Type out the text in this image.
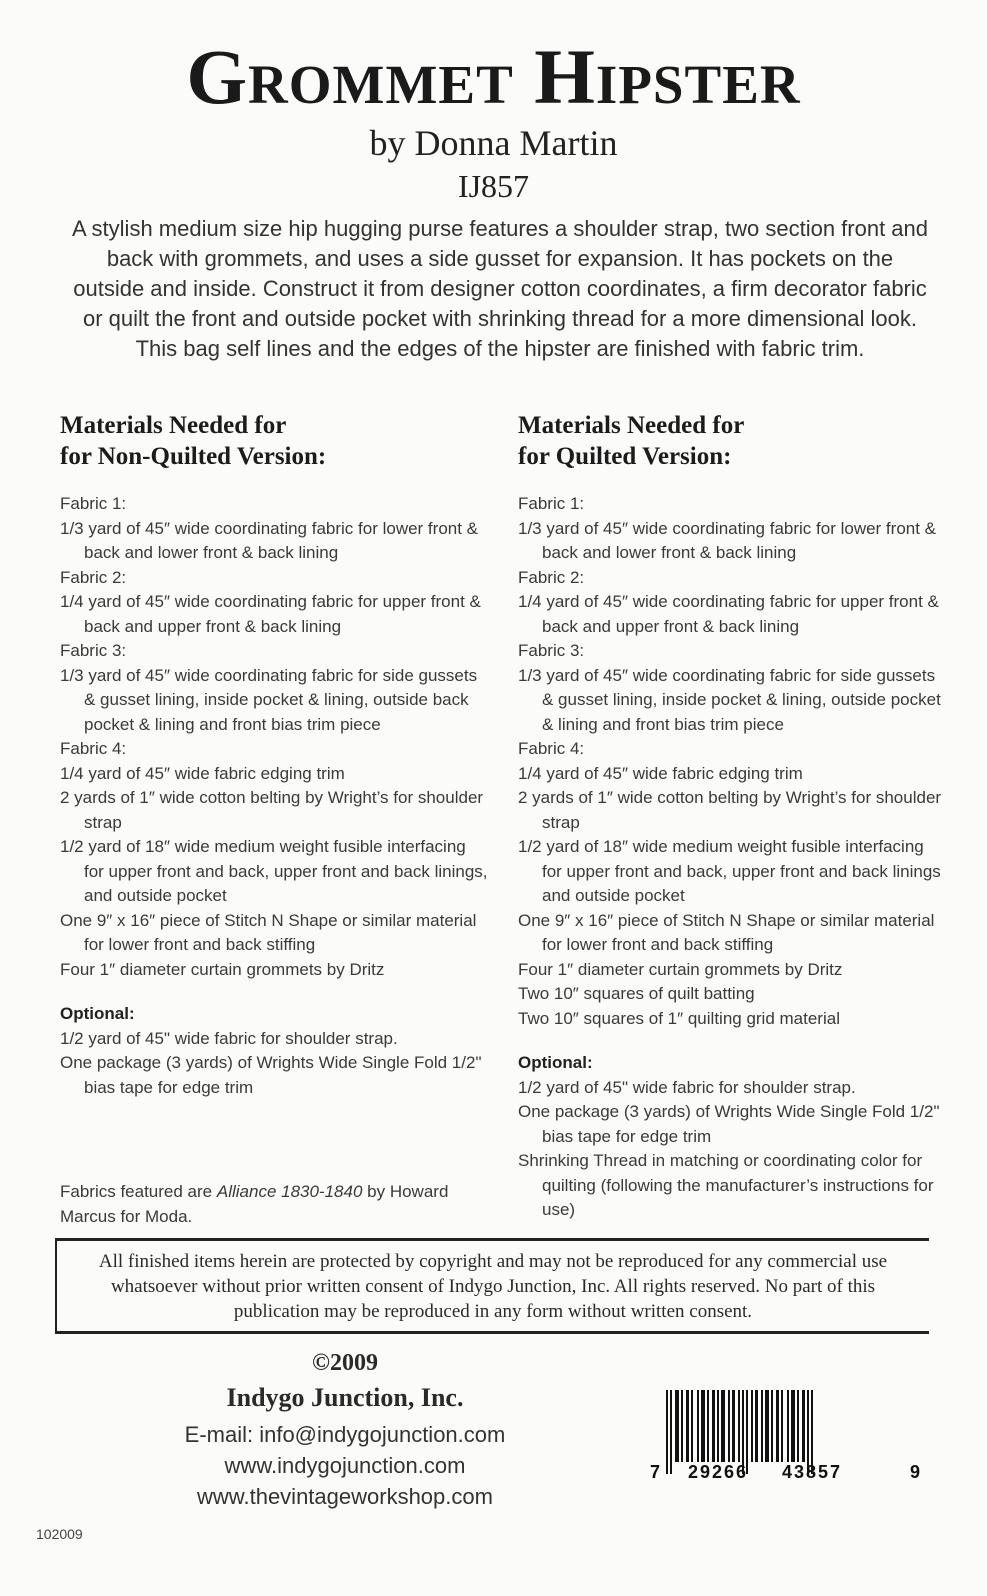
Grommet Hipster
by Donna Martin
IJ857
A stylish medium size hip hugging purse features a shoulder strap, two section front and back with grommets, and uses a side gusset for expansion. It has pockets on the outside and inside. Construct it from designer cotton coordinates, a firm decorator fabric or quilt the front and outside pocket with shrinking thread for a more dimensional look. This bag self lines and the edges of the hipster are finished with fabric trim.
Materials Needed for
for Non-Quilted Version:
Fabric 1:
1/3 yard of 45″ wide coordinating fabric for lower front & back and lower front & back lining
Fabric 2:
1/4 yard of 45″ wide coordinating fabric for upper front & back and upper front & back lining
Fabric 3:
1/3 yard of 45″ wide coordinating fabric for side gussets & gusset lining, inside pocket & lining, outside back pocket & lining and front bias trim piece
Fabric 4:
1/4 yard of 45″ wide fabric edging trim
2 yards of 1″ wide cotton belting by Wright’s for shoulder strap
1/2 yard of 18″ wide medium weight fusible interfacing for upper front and back, upper front and back linings, and outside pocket
One 9″ x 16″ piece of Stitch N Shape or similar material for lower front and back stiffing
Four 1″ diameter curtain grommets by Dritz
Optional:
1/2 yard of 45" wide fabric for shoulder strap.
One package (3 yards) of Wrights Wide Single Fold 1/2" bias tape for edge trim
Materials Needed for
for Quilted Version:
Fabric 1:
1/3 yard of 45″ wide coordinating fabric for lower front & back and lower front & back lining
Fabric 2:
1/4 yard of 45″ wide coordinating fabric for upper front & back and upper front & back lining
Fabric 3:
1/3 yard of 45″ wide coordinating fabric for side gussets & gusset lining, inside pocket & lining, outside pocket & lining and front bias trim piece
Fabric 4:
1/4 yard of 45″ wide fabric edging trim
2 yards of 1″ wide cotton belting by Wright’s for shoulder strap
1/2 yard of 18″ wide medium weight fusible interfacing for upper front and back, upper front and back linings and outside pocket
One 9″ x 16″ piece of Stitch N Shape or similar material for lower front and back stiffing
Four 1″ diameter curtain grommets by Dritz
Two 10″ squares of quilt batting
Two 10″ squares of 1″ quilting grid material
Optional:
1/2 yard of 45" wide fabric for shoulder strap.
One package (3 yards) of Wrights Wide Single Fold 1/2" bias tape for edge trim
Shrinking Thread in matching or coordinating color for quilting (following the manufacturer’s instructions for use)
Fabrics featured are Alliance 1830-1840 by Howard Marcus for Moda.

All finished items herein are protected by copyright and may not be reproduced for any commercial use whatsoever without prior written consent of Indygo Junction, Inc. All rights reserved. No part of this publication may be reproduced in any form without written consent.

©2009
Indygo Junction, Inc.
E-mail: info@indygojunction.com
www.indygojunction.com
www.thevintageworkshop.com
7 29266 43857	9
102009
